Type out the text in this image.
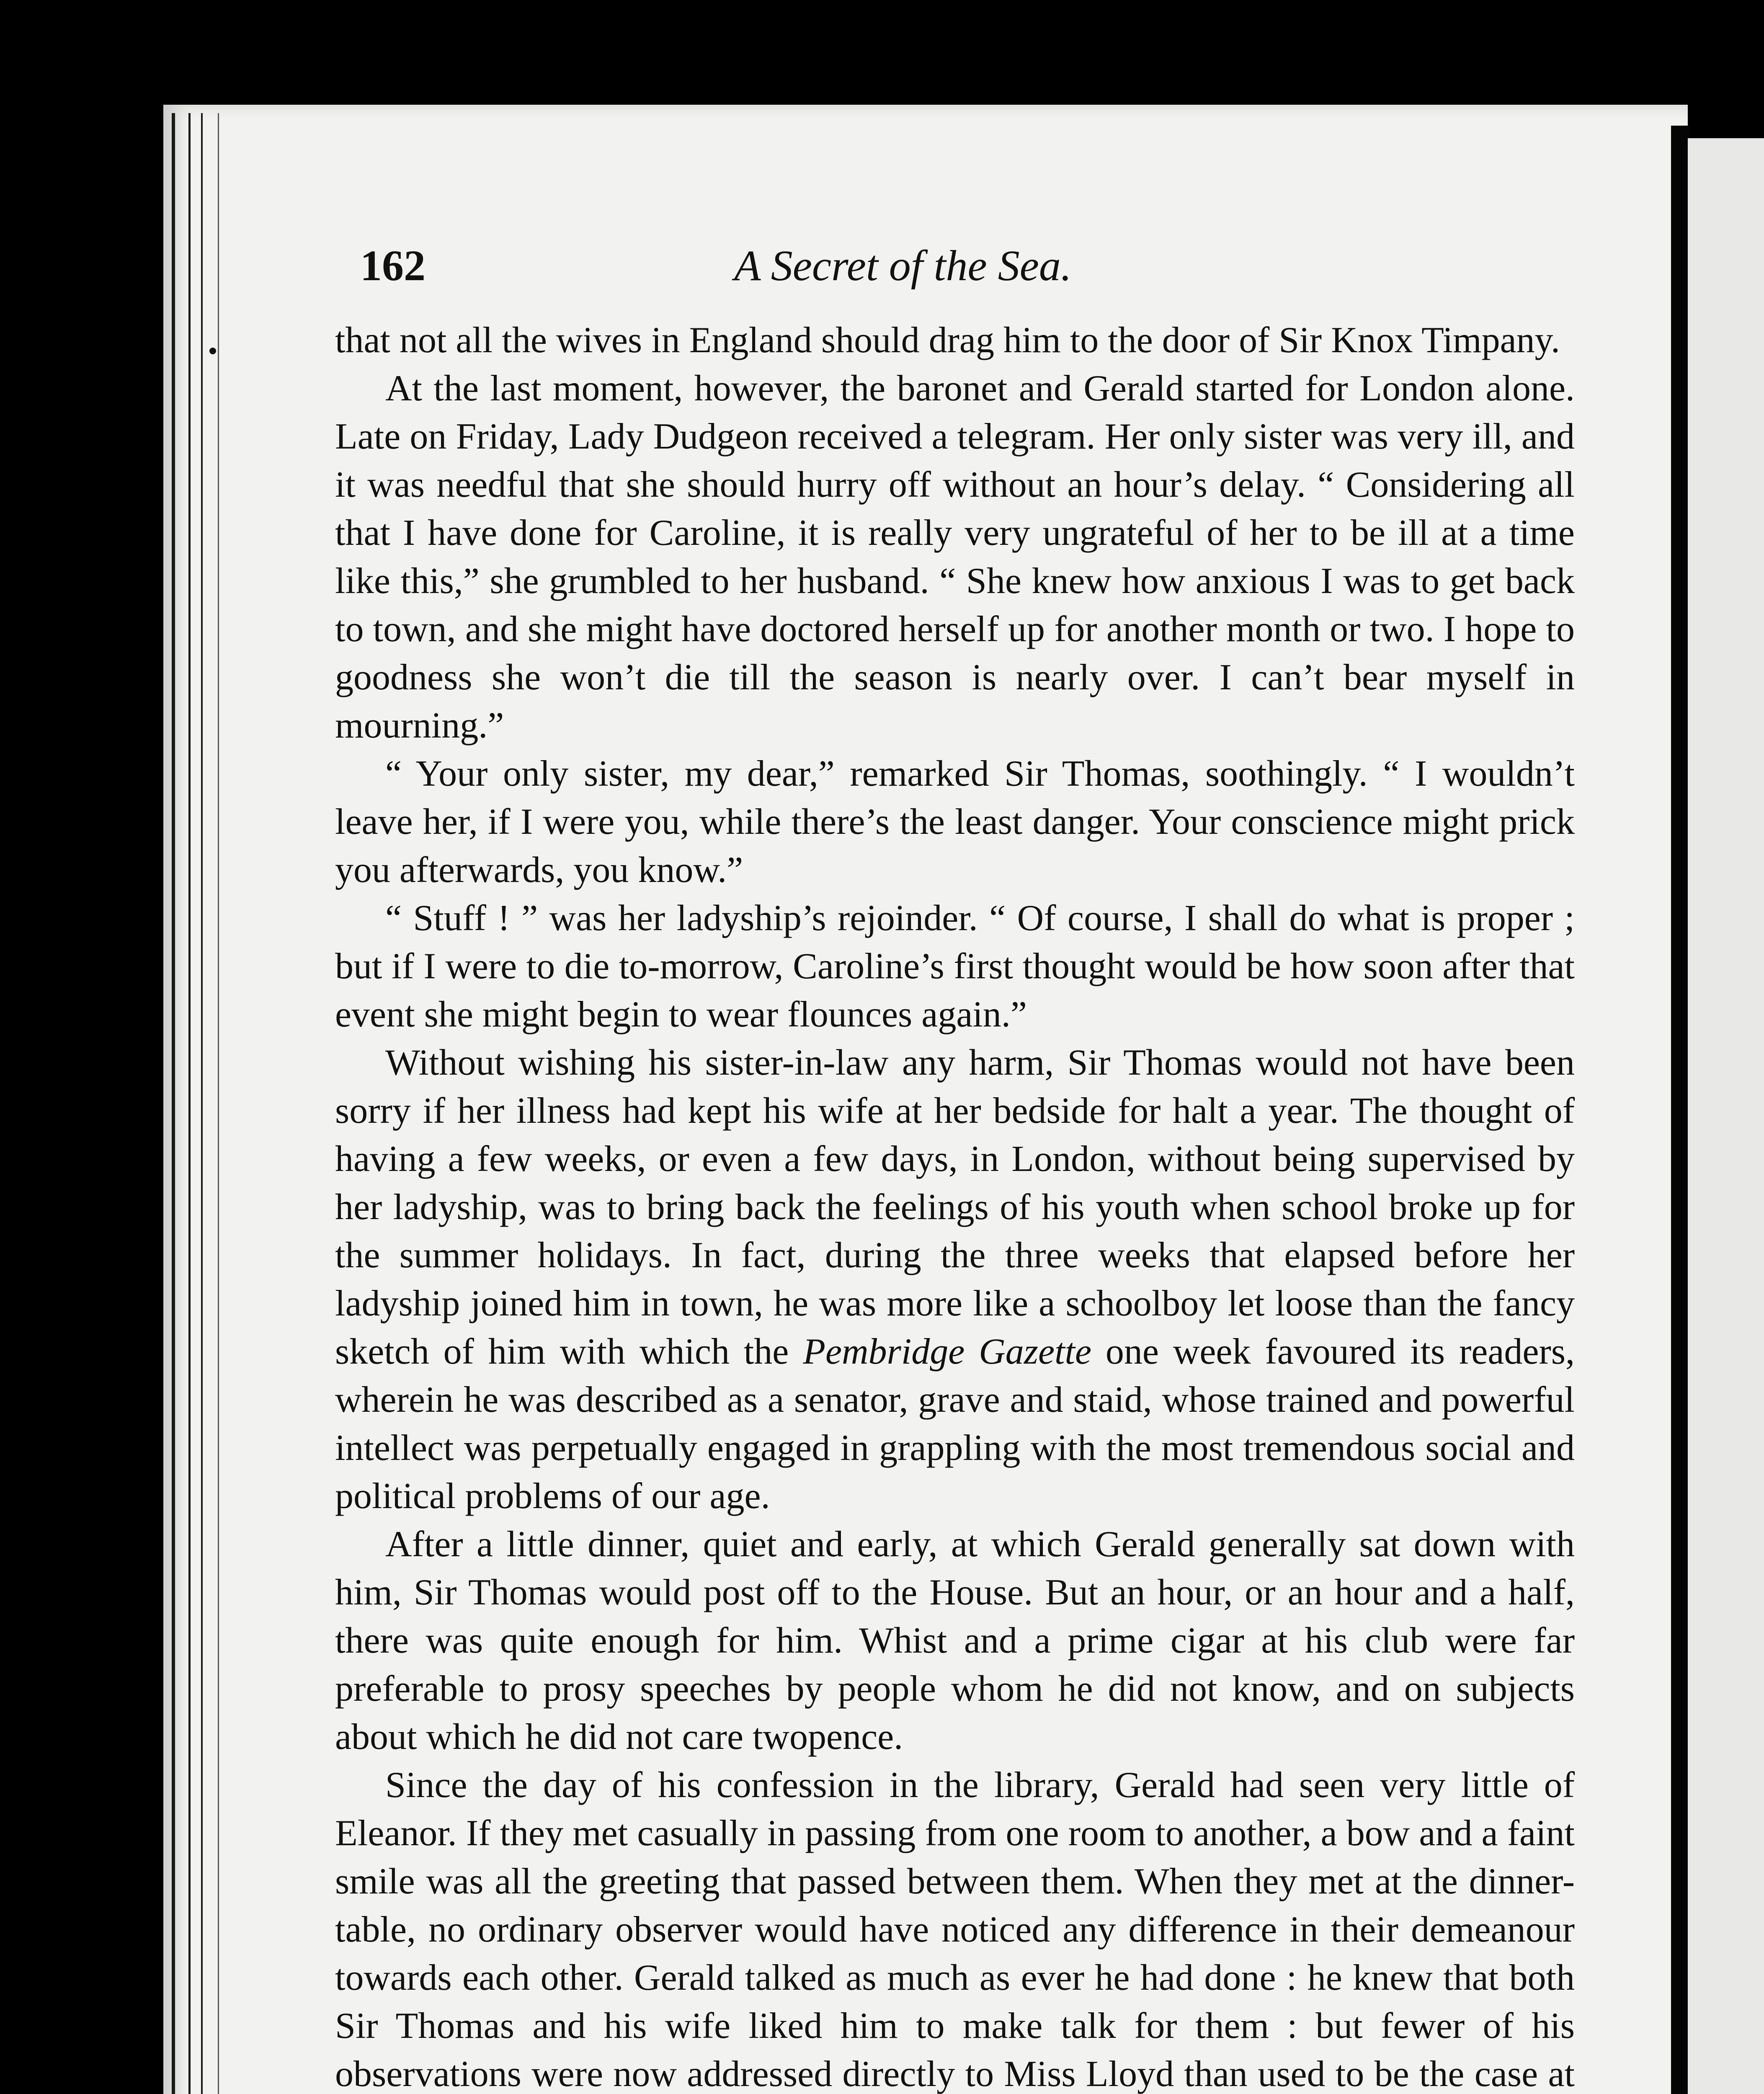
162	A Secret of the Sea.

that not all the wives in England should drag him to the door of Sir Knox Timpany.

At the last moment, however, the baronet and Gerald started for London alone. Late on Friday, Lady Dudgeon received a telegram. Her only sister was very ill, and it was needful that she should hurry off without an hour’s delay. “ Considering all that I have done for Caroline, it is really very ungrateful of her to be ill at a time like this,” she grumbled to her husband. “ She knew how anxious I was to get back to town, and she might have doctored herself up for another month or two. I hope to goodness she won’t die till the season is nearly over. I can’t bear myself in mourning.”

“ Your only sister, my dear,” remarked Sir Thomas, soothingly. “ I wouldn’t leave her, if I were you, while there’s the least danger. Your conscience might prick you afterwards, you know.”

“ Stuff ! ” was her ladyship’s rejoinder. “ Of course, I shall do what is proper ; but if I were to die to-morrow, Caroline’s first thought would be how soon after that event she might begin to wear flounces again.”

Without wishing his sister-in-law any harm, Sir Thomas would not have been sorry if her illness had kept his wife at her bedside for halt a year. The thought of having a few weeks, or even a few days, in London, without being supervised by her ladyship, was to bring back the feelings of his youth when school broke up for the summer holidays. In fact, during the three weeks that elapsed before her ladyship joined him in town, he was more like a schoolboy let loose than the fancy sketch of him with which the Pembridge Gazette one week favoured its readers, wherein he was described as a senator, grave and staid, whose trained and powerful intellect was perpetually engaged in grappling with the most tremendous social and political problems of our age.

After a little dinner, quiet and early, at which Gerald generally sat down with him, Sir Thomas would post off to the House. But an hour, or an hour and a half, there was quite enough for him. Whist and a prime cigar at his club were far preferable to prosy speeches by people whom he did not know, and on subjects about which he did not care twopence.

Since the day of his confession in the library, Gerald had seen very little of Eleanor. If they met casually in passing from one room to another, a bow and a faint smile was all the greeting that passed between them. When they met at the dinner-table, no ordinary observer would have noticed any difference in their demeanour towards each other. Gerald talked as much as ever he had done : he knew that both Sir Thomas and his wife liked him to make talk for them : but fewer of his observations were now addressed directly to Miss Lloyd than used to be the case at
